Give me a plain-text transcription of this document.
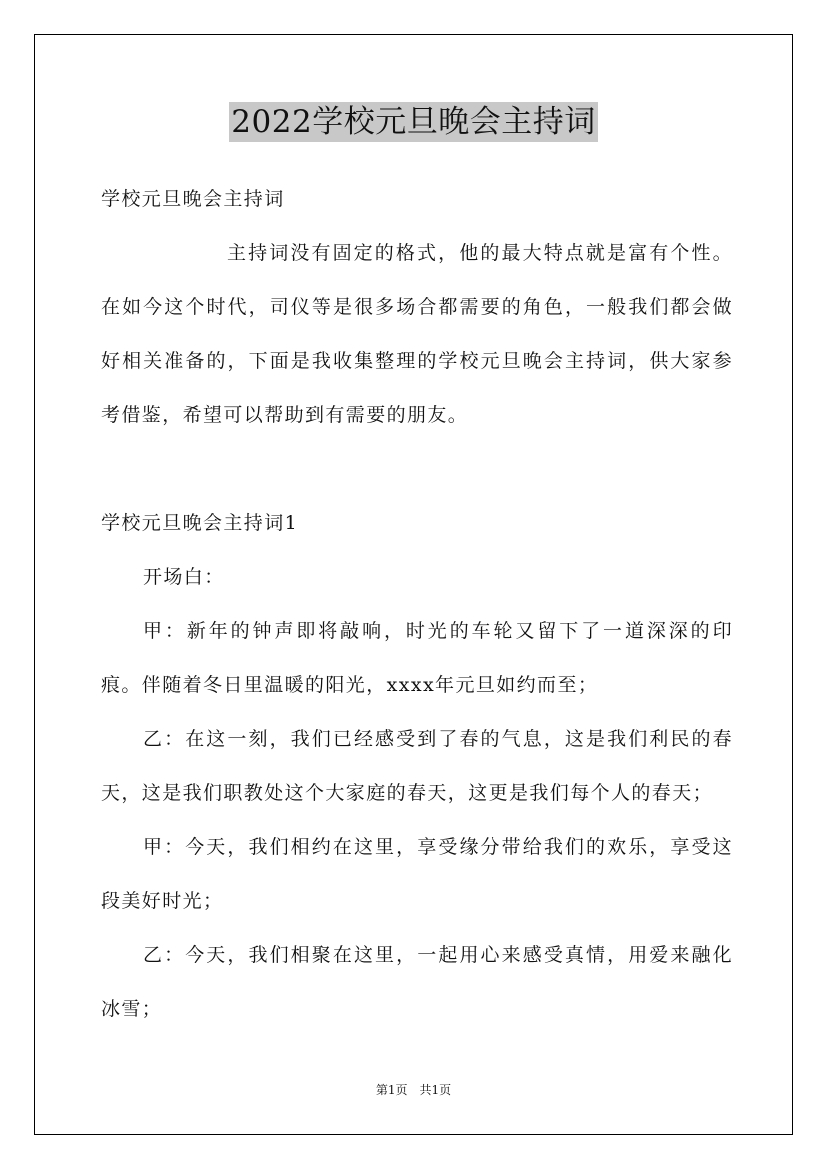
2022学校元旦晚会主持词

学校元旦晚会主持词

主持词没有固定的格式，他的最大特点就是富有个性。在如今这个时代，司仪等是很多场合都需要的角色，一般我们都会做好相关准备的，下面是我收集整理的学校元旦晚会主持词，供大家参考借鉴，希望可以帮助到有需要的朋友。

学校元旦晚会主持词1

开场白：

甲：新年的钟声即将敲响，时光的车轮又留下了一道深深的印痕。伴随着冬日里温暖的阳光，xxxx年元旦如约而至；

乙：在这一刻，我们已经感受到了春的气息，这是我们利民的春天，这是我们职教处这个大家庭的春天，这更是我们每个人的春天；

甲：今天，我们相约在这里，享受缘分带给我们的欢乐，享受这段美好时光；

乙：今天，我们相聚在这里，一起用心来感受真情，用爱来融化冰雪；

第1页　共1页
